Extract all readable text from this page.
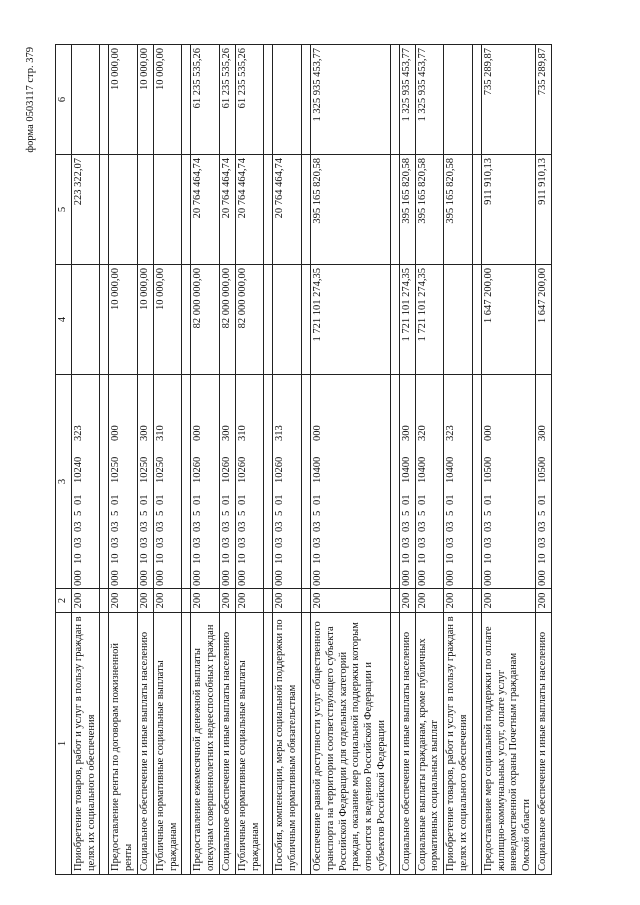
форма 0503117 стр. 379
1	2	3	4	5	6
Приобретение товаров, работ и услуг в пользу граждан в целях их социального обеспечения	200	00010030350110240323		223 322,07	

Предоставление ренты по договорам пожизненной ренты	200	00010030350110250000	10 000,00		10 000,00
Социальное обеспечение и иные выплаты населению	200	00010030350110250300	10 000,00		10 000,00
Публичные нормативные социальные выплаты гражданам	200	00010030350110250310	10 000,00		10 000,00

Предоставление ежемесячной денежной выплаты опекунам совершеннолетних недееспособных граждан	200	00010030350110260000	82 000 000,00	20 764 464,74	61 235 535,26
Социальное обеспечение и иные выплаты населению	200	00010030350110260300	82 000 000,00	20 764 464,74	61 235 535,26
Публичные нормативные социальные выплаты гражданам	200	00010030350110260310	82 000 000,00	20 764 464,74	61 235 535,26

Пособия, компенсации, меры социальной поддержки по публичным нормативным обязательствам	200	00010030350110260313		20 764 464,74	

Обеспечение равной доступности услуг общественного транспорта на территории соответствующего субъекта Российской Федерации для отдельных категорий граждан, оказание мер социальной поддержки которым относится к ведению Российской Федерации и субъектов Российской Федерации	200	00010030350110400000	1 721 101 274,35	395 165 820,58	1 325 935 453,77

Социальное обеспечение и иные выплаты населению	200	00010030350110400300	1 721 101 274,35	395 165 820,58	1 325 935 453,77
Социальные выплаты гражданам, кроме публичных нормативных социальных выплат	200	00010030350110400320	1 721 101 274,35	395 165 820,58	1 325 935 453,77
Приобретение товаров, работ и услуг в пользу граждан в целях их социального обеспечения	200	00010030350110400323		395 165 820,58	

Предоставление мер социальной поддержки по оплате жилищно-коммунальных услуг, оплате услуг вневедомственной охраны Почетным гражданам Омской области	200	00010030350110500000	1 647 200,00	911 910,13	735 289,87
Социальное обеспечение и иные выплаты населению	200	00010030350110500300	1 647 200,00	911 910,13	735 289,87
